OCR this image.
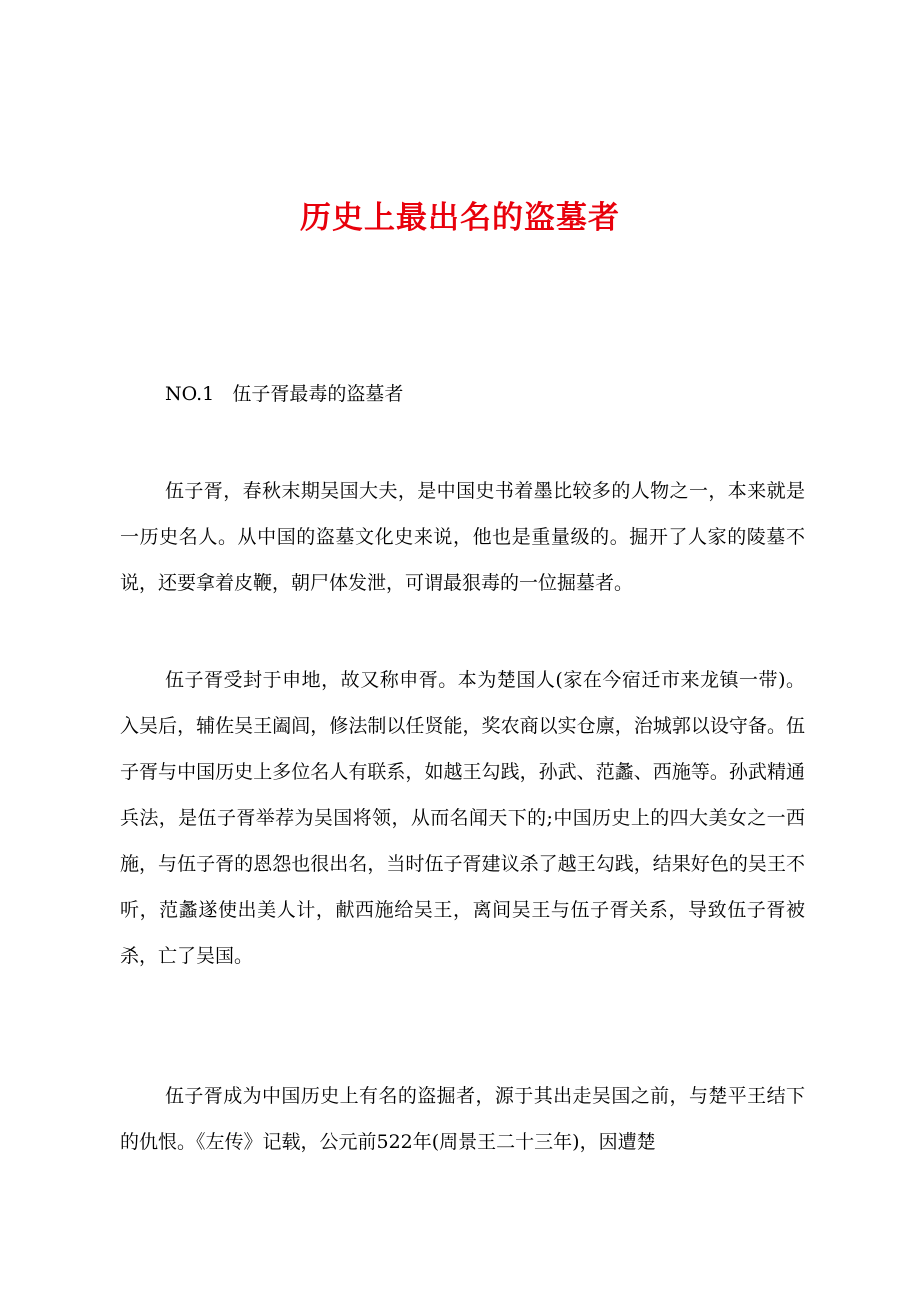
历史上最出名的盗墓者
NO.1   伍子胥最毒的盗墓者

伍子胥，春秋末期吴国大夫，是中国史书着墨比较多的人物之一，本来就是一历史名人。从中国的盗墓文化史来说，他也是重量级的。掘开了人家的陵墓不说，还要拿着皮鞭，朝尸体发泄，可谓最狠毒的一位掘墓者。

伍子胥受封于申地，故又称申胥。本为楚国人(家在今宿迁市来龙镇一带)。入吴后，辅佐吴王阖闾，修法制以任贤能，奖农商以实仓廪，治城郭以设守备。伍子胥与中国历史上多位名人有联系，如越王勾践，孙武、范蠡、西施等。孙武精通兵法，是伍子胥举荐为吴国将领，从而名闻天下的;中国历史上的四大美女之一西施，与伍子胥的恩怨也很出名，当时伍子胥建议杀了越王勾践，结果好色的吴王不听，范蠡遂使出美人计，献西施给吴王，离间吴王与伍子胥关系，导致伍子胥被杀，亡了吴国。

伍子胥成为中国历史上有名的盗掘者，源于其出走吴国之前，与楚平王结下的仇恨。《左传》记载，公元前522年(周景王二十三年)，因遭楚
